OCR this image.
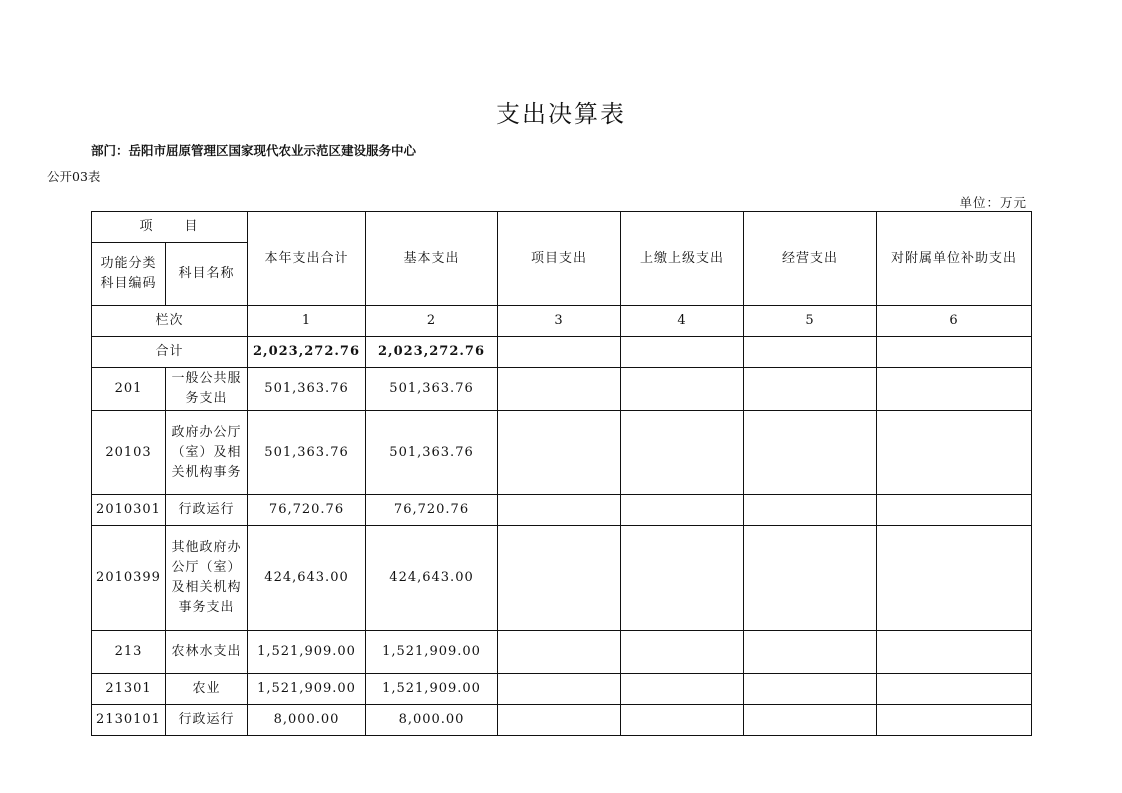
支出决算表
部门：岳阳市屈原管理区国家现代农业示范区建设服务中心
公开03表
单位：万元
项　　目		本年支出合计	基本支出	项目支出	上缴上级支出	经营支出	对附属单位补助支出
功能分类科目编码	科目名称						
栏次		1	2	3	4	5	6
合计		2,023,272.76	2,023,272.76				
201	一般公共服务支出	501,363.76	501,363.76				
20103	政府办公厅（室）及相关机构事务	501,363.76	501,363.76				
2010301	行政运行	76,720.76	76,720.76				
2010399	其他政府办公厅（室）及相关机构事务支出	424,643.00	424,643.00				
213	农林水支出	1,521,909.00	1,521,909.00				
21301	农业	1,521,909.00	1,521,909.00				
2130101	行政运行	8,000.00	8,000.00				
